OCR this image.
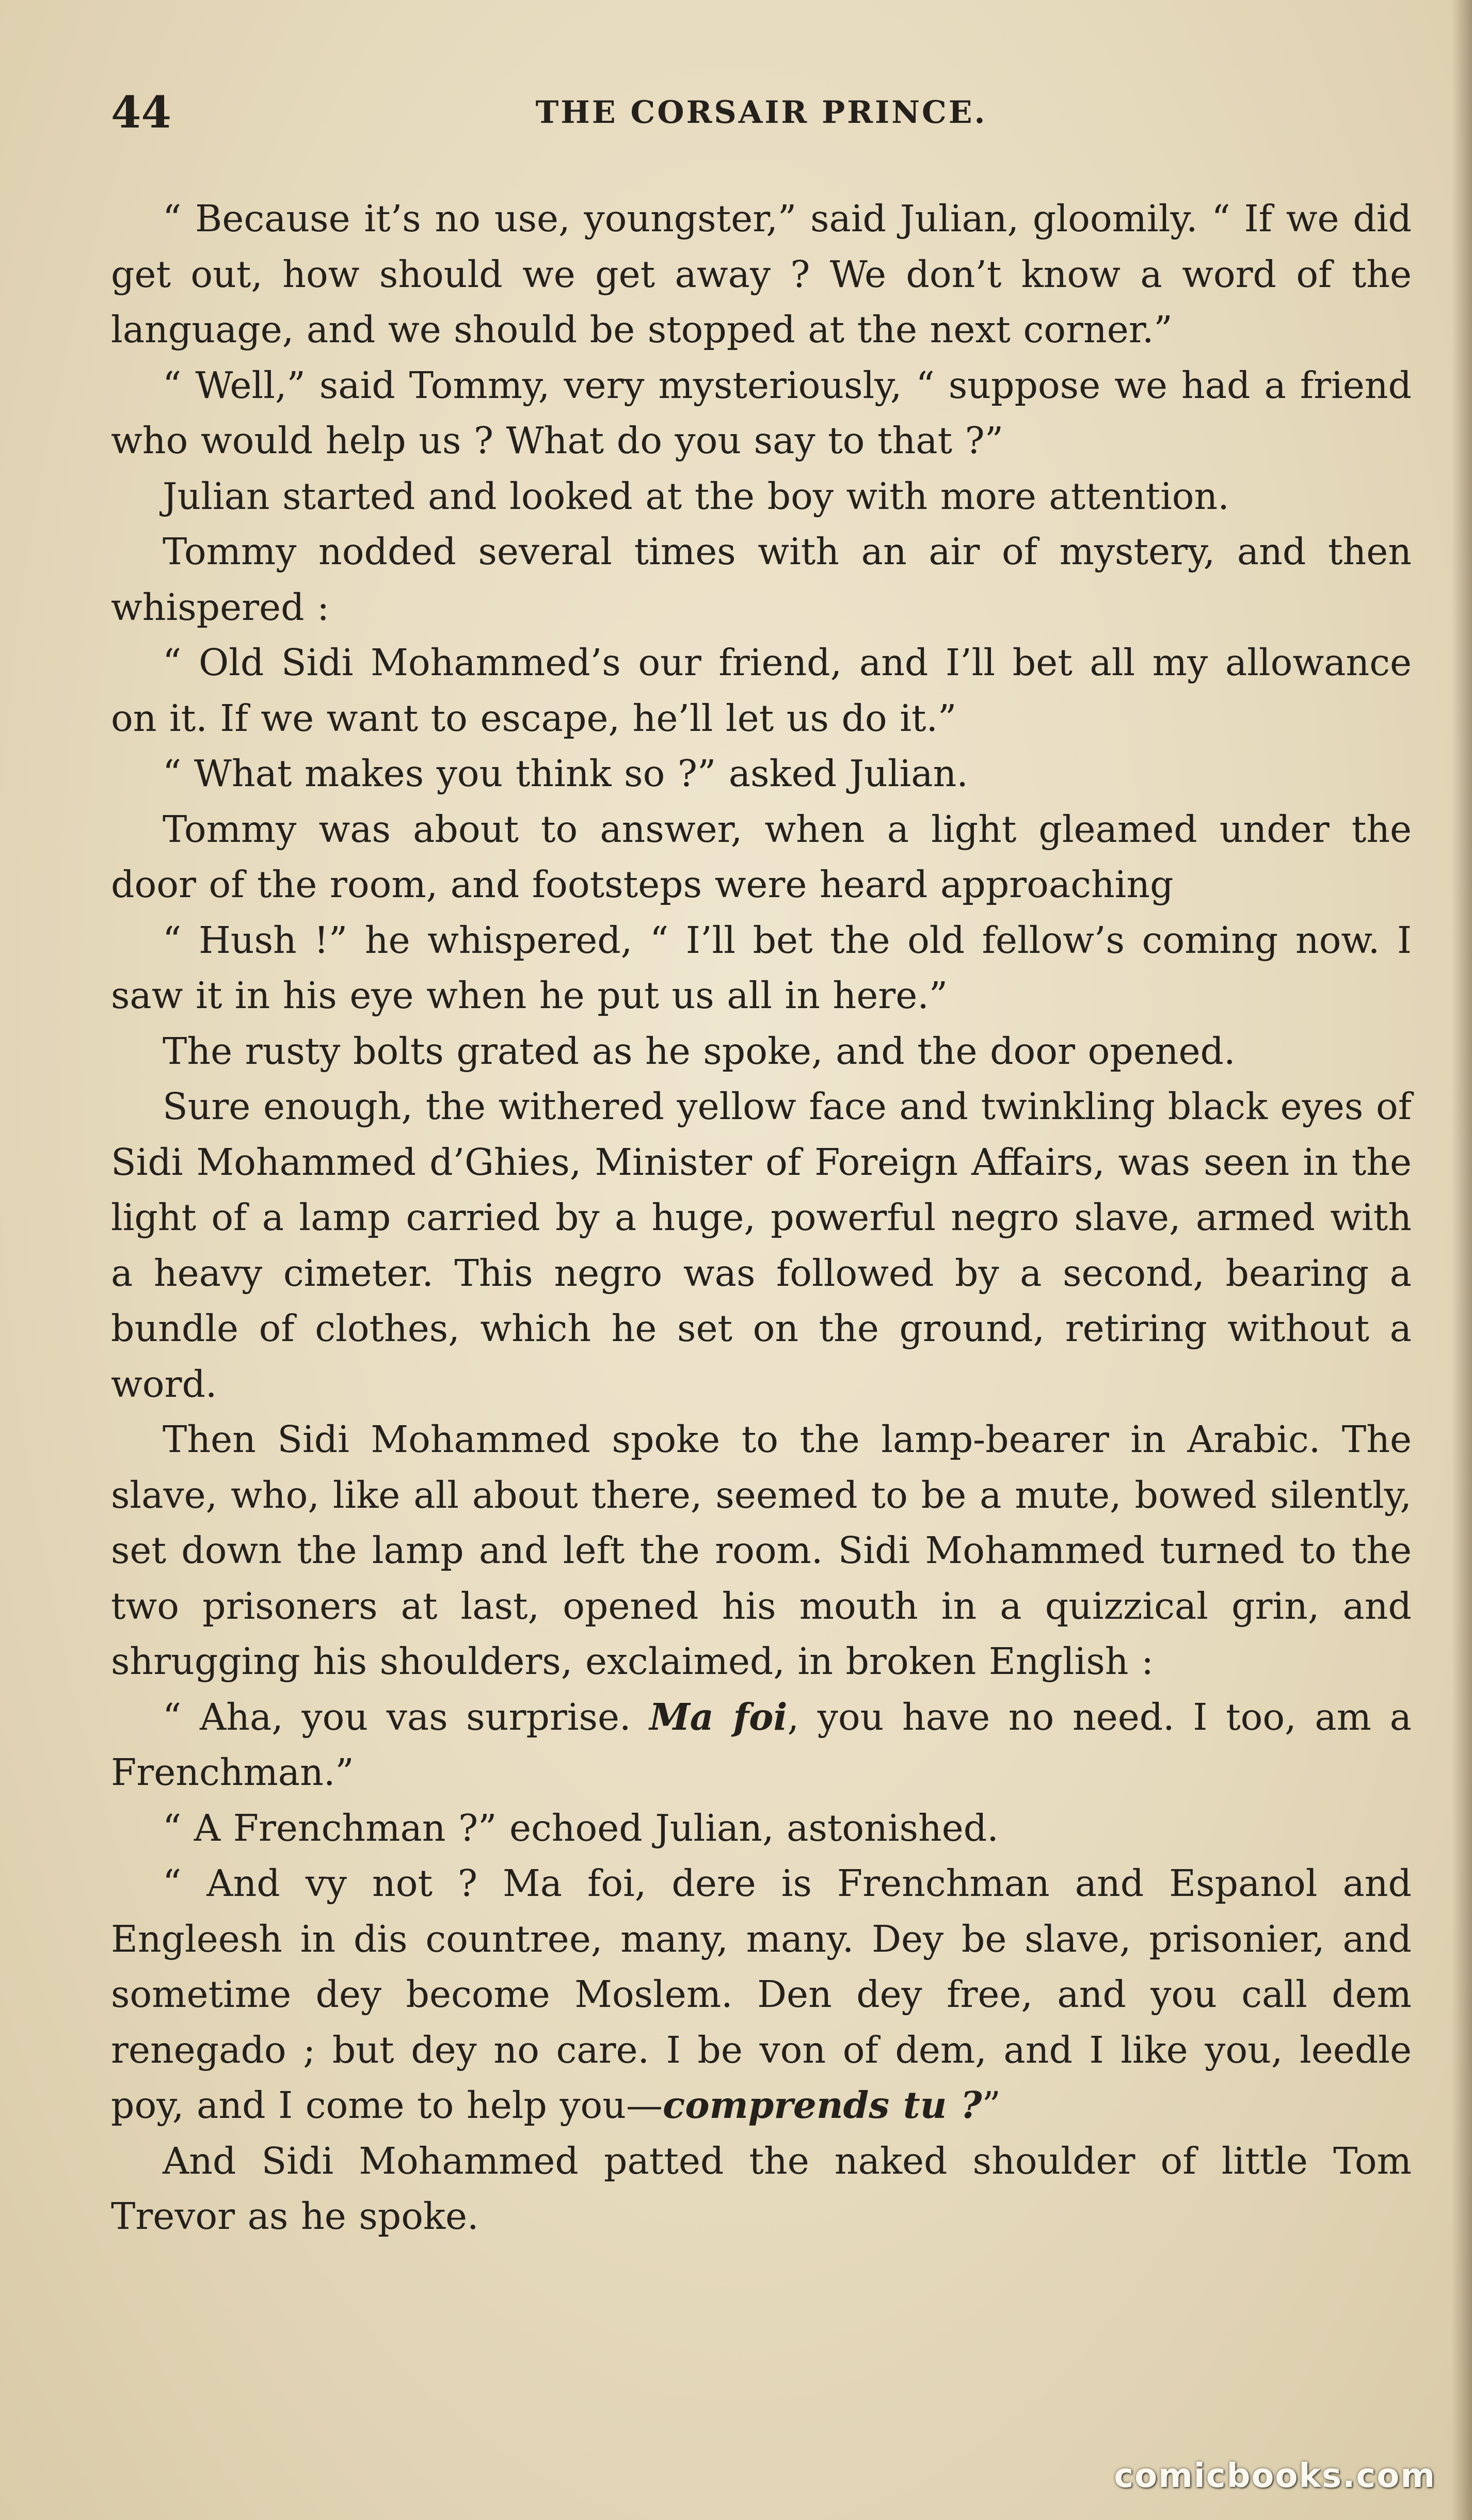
44	THE CORSAIR PRINCE.

“ Because it’s no use, youngster,” said Julian, gloomily. “ If we did get out, how should we get away ? We don’t know a word of the language, and we should be stopped at the next corner.”

“ Well,” said Tommy, very mysteriously, “ suppose we had a friend who would help us ? What do you say to that ?”

Julian started and looked at the boy with more attention.

Tommy nodded several times with an air of mystery, and then whispered :

“ Old Sidi Mohammed’s our friend, and I’ll bet all my allowance on it. If we want to escape, he’ll let us do it.”

“ What makes you think so ?” asked Julian.

Tommy was about to answer, when a light gleamed under the door of the room, and footsteps were heard approaching

“ Hush !” he whispered, “ I’ll bet the old fellow’s coming now. I saw it in his eye when he put us all in here.”

The rusty bolts grated as he spoke, and the door opened.

Sure enough, the withered yellow face and twinkling black eyes of Sidi Mohammed d’Ghies, Minister of Foreign Affairs, was seen in the light of a lamp carried by a huge, powerful negro slave, armed with a heavy cimeter. This negro was followed by a second, bearing a bundle of clothes, which he set on the ground, retiring without a word.

Then Sidi Mohammed spoke to the lamp-bearer in Arabic. The slave, who, like all about there, seemed to be a mute, bowed silently, set down the lamp and left the room. Sidi Mohammed turned to the two prisoners at last, opened his mouth in a quizzical grin, and shrugging his shoulders, exclaimed, in broken English :

“ Aha, you vas surprise. Ma foi, you have no need. I too, am a Frenchman.”

“ A Frenchman ?” echoed Julian, astonished.

“ And vy not ? Ma foi, dere is Frenchman and Espanol and Engleesh in dis countree, many, many. Dey be slave, prisonier, and sometime dey become Moslem. Den dey free, and you call dem renegado ; but dey no care. I be von of dem, and I like you, leedle poy, and I come to help you—comprends tu ?”

And Sidi Mohammed patted the naked shoulder of little Tom Trevor as he spoke.

comicbooks.com
